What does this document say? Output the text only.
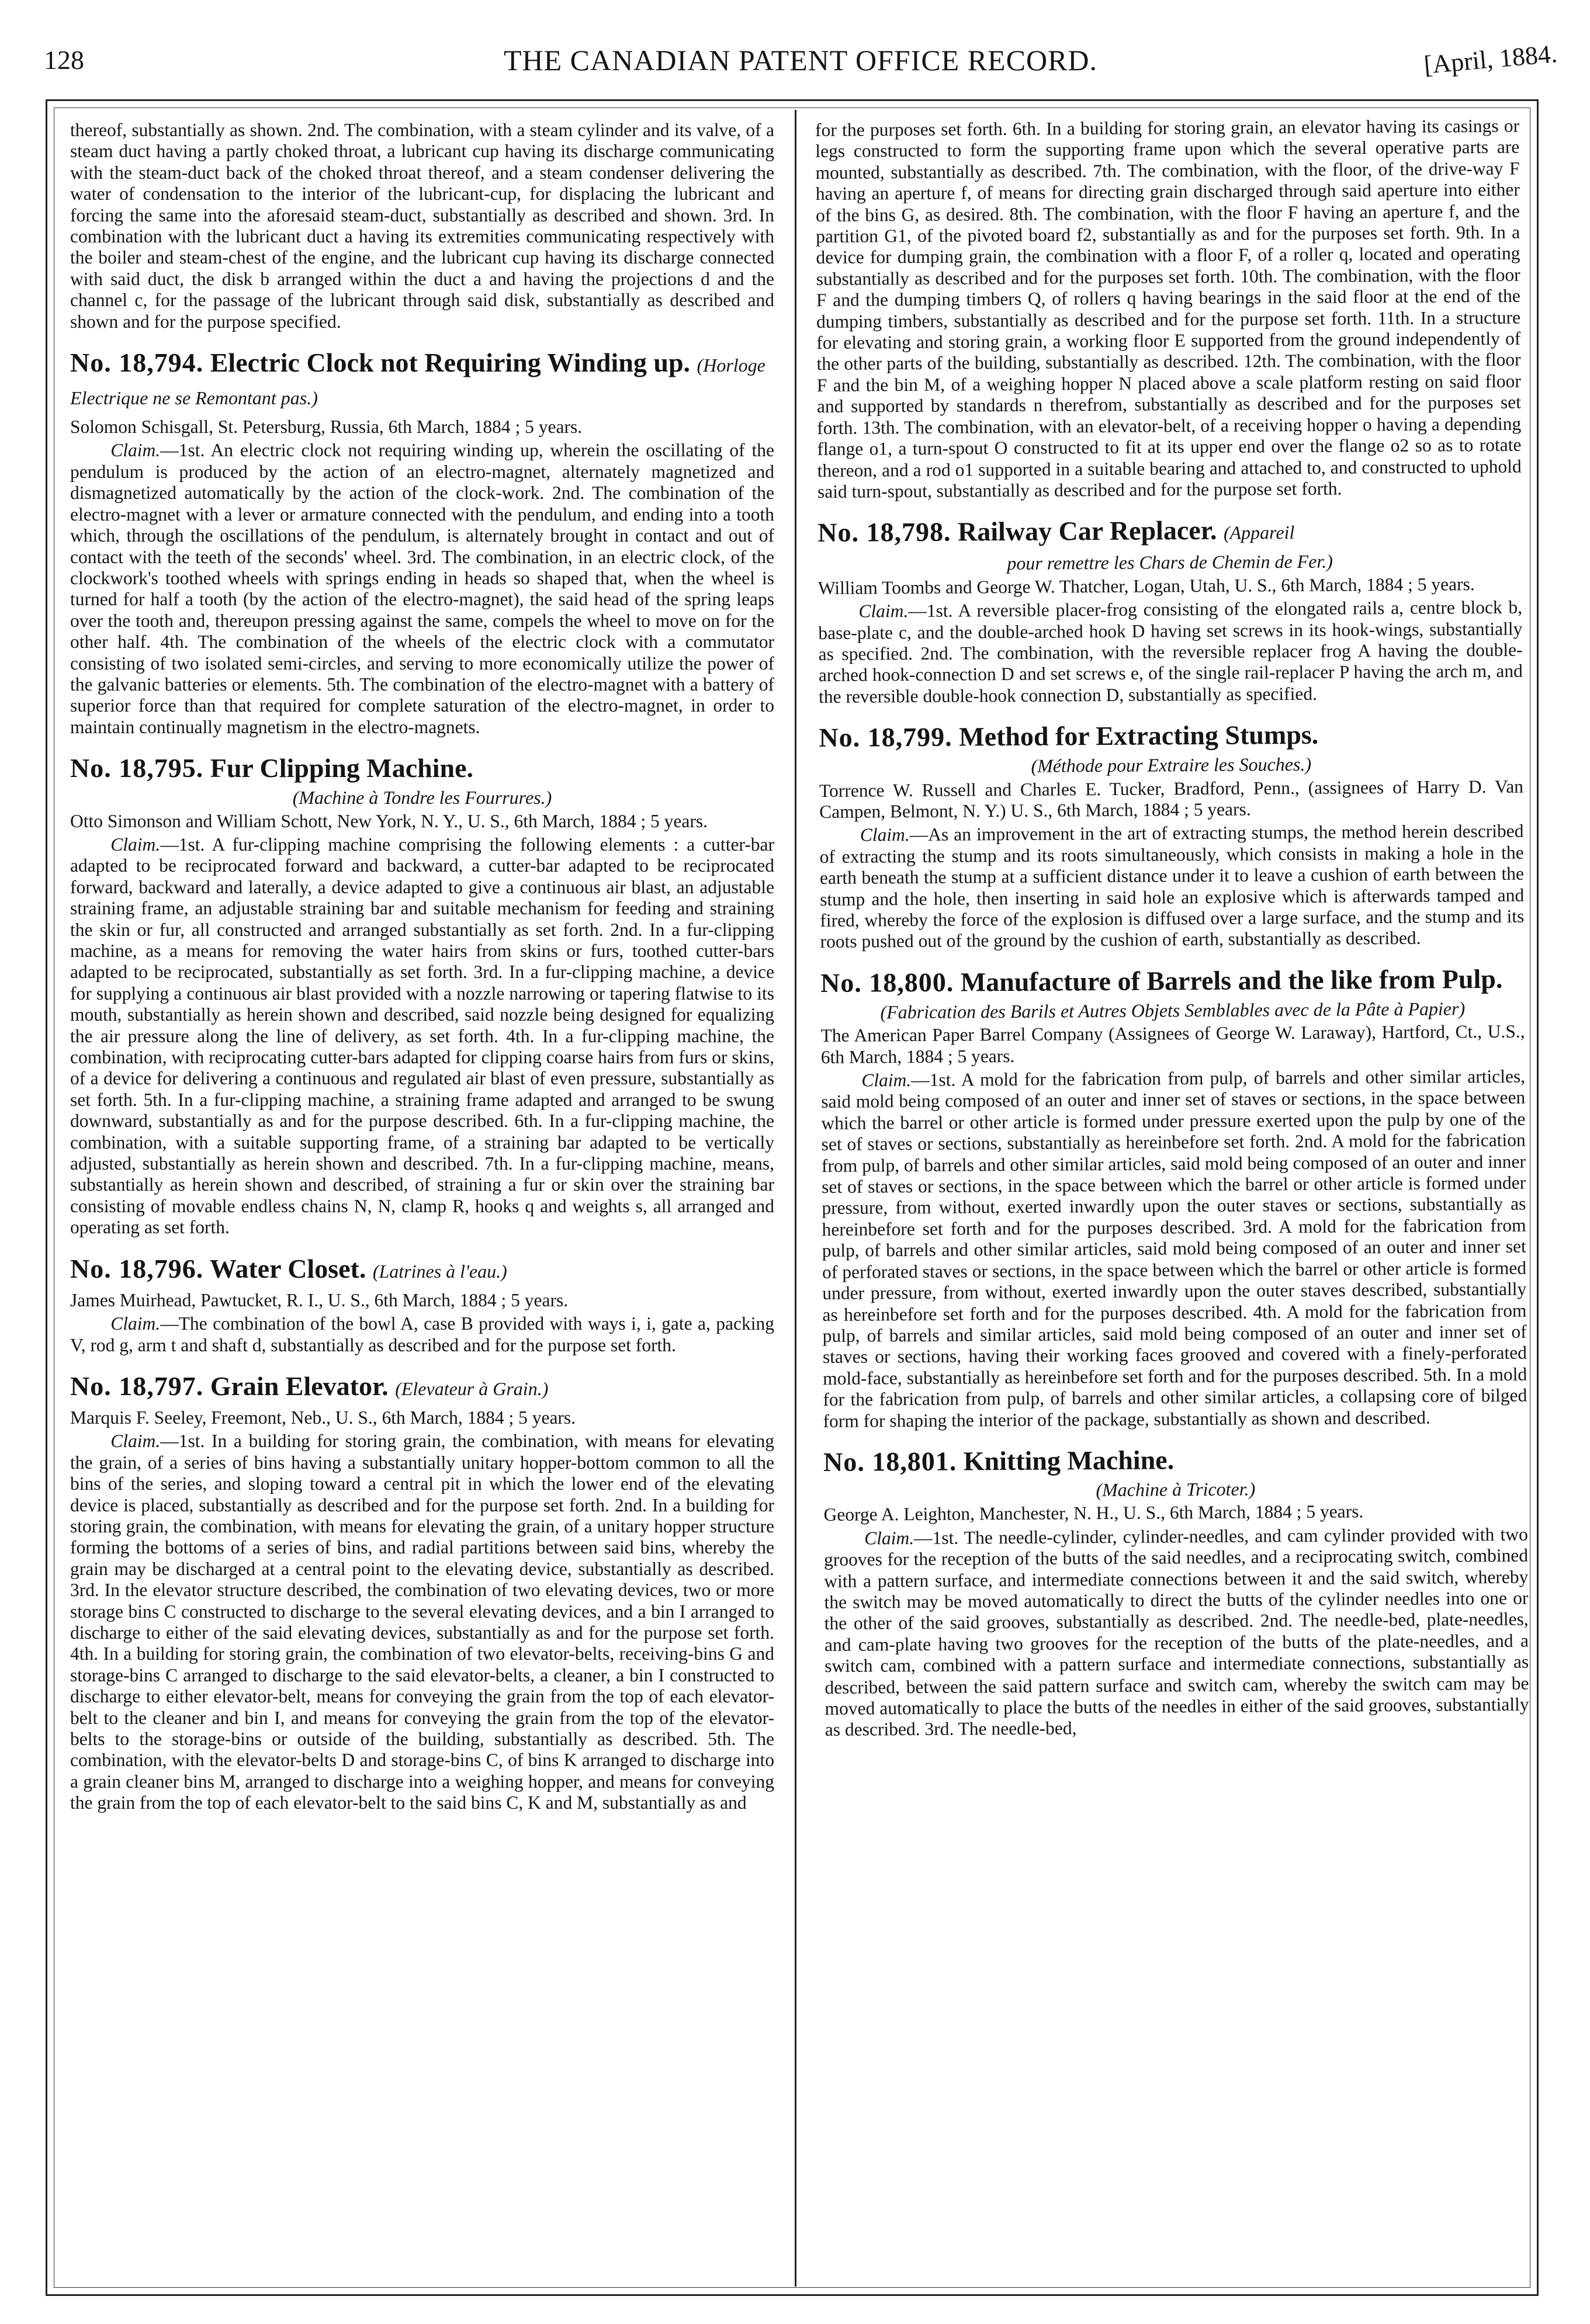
128	THE CANADIAN PATENT OFFICE RECORD.	[April, 1884.

thereof, substantially as shown. 2nd. The combination, with a steam cylinder and its valve, of a steam duct having a partly choked throat, a lubricant cup having its discharge communicating with the steam-duct back of the choked throat thereof, and a steam condenser delivering the water of condensation to the interior of the lubricant-cup, for displacing the lubricant and forcing the same into the aforesaid steam-duct, substantially as described and shown. 3rd. In combination with the lubricant duct a having its extremities communicating respectively with the boiler and steam-chest of the engine, and the lubricant cup having its discharge connected with said duct, the disk b arranged within the duct a and having the projections d and the channel c, for the passage of the lubricant through said disk, substantially as described and shown and for the purpose specified.

No. 18,794. Electric Clock not Requiring Winding up. (Horloge Electrique ne se Remontant pas.)

Solomon Schisgall, St. Petersburg, Russia, 6th March, 1884 ; 5 years.

Claim.—1st. An electric clock not requiring winding up, wherein the oscillating of the pendulum is produced by the action of an electro-magnet, alternately magnetized and dismagnetized automatically by the action of the clock-work. 2nd. The combination of the electro-magnet with a lever or armature connected with the pendulum, and ending into a tooth which, through the oscillations of the pendulum, is alternately brought in contact and out of contact with the teeth of the seconds' wheel. 3rd. The combination, in an electric clock, of the clockwork's toothed wheels with springs ending in heads so shaped that, when the wheel is turned for half a tooth (by the action of the electro-magnet), the said head of the spring leaps over the tooth and, thereupon pressing against the same, compels the wheel to move on for the other half. 4th. The combination of the wheels of the electric clock with a commutator consisting of two isolated semi-circles, and serving to more economically utilize the power of the galvanic batteries or elements. 5th. The combination of the electro-magnet with a battery of superior force than that required for complete saturation of the electro-magnet, in order to maintain continually magnetism in the electro-magnets.

No. 18,795. Fur Clipping Machine.

(Machine à Tondre les Fourrures.)

Otto Simonson and William Schott, New York, N. Y., U. S., 6th March, 1884 ; 5 years.

Claim.—1st. A fur-clipping machine comprising the following elements : a cutter-bar adapted to be reciprocated forward and backward, a cutter-bar adapted to be reciprocated forward, backward and laterally, a device adapted to give a continuous air blast, an adjustable straining frame, an adjustable straining bar and suitable mechanism for feeding and straining the skin or fur, all constructed and arranged substantially as set forth. 2nd. In a fur-clipping machine, as a means for removing the water hairs from skins or furs, toothed cutter-bars adapted to be reciprocated, substantially as set forth. 3rd. In a fur-clipping machine, a device for supplying a continuous air blast provided with a nozzle narrowing or tapering flatwise to its mouth, substantially as herein shown and described, said nozzle being designed for equalizing the air pressure along the line of delivery, as set forth. 4th. In a fur-clipping machine, the combination, with reciprocating cutter-bars adapted for clipping coarse hairs from furs or skins, of a device for delivering a continuous and regulated air blast of even pressure, substantially as set forth. 5th. In a fur-clipping machine, a straining frame adapted and arranged to be swung downward, substantially as and for the purpose described. 6th. In a fur-clipping machine, the combination, with a suitable supporting frame, of a straining bar adapted to be vertically adjusted, substantially as herein shown and described. 7th. In a fur-clipping machine, means, substantially as herein shown and described, of straining a fur or skin over the straining bar consisting of movable endless chains N, N, clamp R, hooks q and weights s, all arranged and operating as set forth.

No. 18,796. Water Closet. (Latrines à l'eau.)

James Muirhead, Pawtucket, R. I., U. S., 6th March, 1884 ; 5 years.

Claim.—The combination of the bowl A, case B provided with ways i, i, gate a, packing V, rod g, arm t and shaft d, substantially as described and for the purpose set forth.

No. 18,797. Grain Elevator. (Elevateur à Grain.)

Marquis F. Seeley, Freemont, Neb., U. S., 6th March, 1884 ; 5 years.

Claim.—1st. In a building for storing grain, the combination, with means for elevating the grain, of a series of bins having a substantially unitary hopper-bottom common to all the bins of the series, and sloping toward a central pit in which the lower end of the elevating device is placed, substantially as described and for the purpose set forth. 2nd. In a building for storing grain, the combination, with means for elevating the grain, of a unitary hopper structure forming the bottoms of a series of bins, and radial partitions between said bins, whereby the grain may be discharged at a central point to the elevating device, substantially as described. 3rd. In the elevator structure described, the combination of two elevating devices, two or more storage bins C constructed to discharge to the several elevating devices, and a bin I arranged to discharge to either of the said elevating devices, substantially as and for the purpose set forth. 4th. In a building for storing grain, the combination of two elevator-belts, receiving-bins G and storage-bins C arranged to discharge to the said elevator-belts, a cleaner, a bin I constructed to discharge to either elevator-belt, means for conveying the grain from the top of each elevator-belt to the cleaner and bin I, and means for conveying the grain from the top of the elevator-belts to the storage-bins or outside of the building, substantially as described. 5th. The combination, with the elevator-belts D and storage-bins C, of bins K arranged to discharge into a grain cleaner bins M, arranged to discharge into a weighing hopper, and means for conveying the grain from the top of each elevator-belt to the said bins C, K and M, substantially as and

for the purposes set forth. 6th. In a building for storing grain, an elevator having its casings or legs constructed to form the supporting frame upon which the several operative parts are mounted, substantially as described. 7th. The combination, with the floor, of the drive-way F having an aperture f, of means for directing grain discharged through said aperture into either of the bins G, as desired. 8th. The combination, with the floor F having an aperture f, and the partition G1, of the pivoted board f2, substantially as and for the purposes set forth. 9th. In a device for dumping grain, the combination with a floor F, of a roller q, located and operating substantially as described and for the purposes set forth. 10th. The combination, with the floor F and the dumping timbers Q, of rollers q having bearings in the said floor at the end of the dumping timbers, substantially as described and for the purpose set forth. 11th. In a structure for elevating and storing grain, a working floor E supported from the ground independently of the other parts of the building, substantially as described. 12th. The combination, with the floor F and the bin M, of a weighing hopper N placed above a scale platform resting on said floor and supported by standards n therefrom, substantially as described and for the purposes set forth. 13th. The combination, with an elevator-belt, of a receiving hopper o having a depending flange o1, a turn-spout O constructed to fit at its upper end over the flange o2 so as to rotate thereon, and a rod o1 supported in a suitable bearing and attached to, and constructed to uphold said turn-spout, substantially as described and for the purpose set forth.

No. 18,798. Railway Car Replacer. (Appareil

pour remettre les Chars de Chemin de Fer.)

William Toombs and George W. Thatcher, Logan, Utah, U. S., 6th March, 1884 ; 5 years.

Claim.—1st. A reversible placer-frog consisting of the elongated rails a, centre block b, base-plate c, and the double-arched hook D having set screws in its hook-wings, substantially as specified. 2nd. The combination, with the reversible replacer frog A having the double-arched hook-connection D and set screws e, of the single rail-replacer P having the arch m, and the reversible double-hook connection D, substantially as specified.

No. 18,799. Method for Extracting Stumps.

(Méthode pour Extraire les Souches.)

Torrence W. Russell and Charles E. Tucker, Bradford, Penn., (assignees of Harry D. Van Campen, Belmont, N. Y.) U. S., 6th March, 1884 ; 5 years.

Claim.—As an improvement in the art of extracting stumps, the method herein described of extracting the stump and its roots simultaneously, which consists in making a hole in the earth beneath the stump at a sufficient distance under it to leave a cushion of earth between the stump and the hole, then inserting in said hole an explosive which is afterwards tamped and fired, whereby the force of the explosion is diffused over a large surface, and the stump and its roots pushed out of the ground by the cushion of earth, substantially as described.

No. 18,800. Manufacture of Barrels and the like from Pulp.

(Fabrication des Barils et Autres Objets Semblables avec de la Pâte à Papier)

The American Paper Barrel Company (Assignees of George W. Laraway), Hartford, Ct., U.S., 6th March, 1884 ; 5 years.

Claim.—1st. A mold for the fabrication from pulp, of barrels and other similar articles, said mold being composed of an outer and inner set of staves or sections, in the space between which the barrel or other article is formed under pressure exerted upon the pulp by one of the set of staves or sections, substantially as hereinbefore set forth. 2nd. A mold for the fabrication from pulp, of barrels and other similar articles, said mold being composed of an outer and inner set of staves or sections, in the space between which the barrel or other article is formed under pressure, from without, exerted inwardly upon the outer staves or sections, substantially as hereinbefore set forth and for the purposes described. 3rd. A mold for the fabrication from pulp, of barrels and other similar articles, said mold being composed of an outer and inner set of perforated staves or sections, in the space between which the barrel or other article is formed under pressure, from without, exerted inwardly upon the outer staves described, substantially as hereinbefore set forth and for the purposes described. 4th. A mold for the fabrication from pulp, of barrels and similar articles, said mold being composed of an outer and inner set of staves or sections, having their working faces grooved and covered with a finely-perforated mold-face, substantially as hereinbefore set forth and for the purposes described. 5th. In a mold for the fabrication from pulp, of barrels and other similar articles, a collapsing core of bilged form for shaping the interior of the package, substantially as shown and described.

No. 18,801. Knitting Machine.

(Machine à Tricoter.)

George A. Leighton, Manchester, N. H., U. S., 6th March, 1884 ; 5 years.

Claim.—1st. The needle-cylinder, cylinder-needles, and cam cylinder provided with two grooves for the reception of the butts of the said needles, and a reciprocating switch, combined with a pattern surface, and intermediate connections between it and the said switch, whereby the switch may be moved automatically to direct the butts of the cylinder needles into one or the other of the said grooves, substantially as described. 2nd. The needle-bed, plate-needles, and cam-plate having two grooves for the reception of the butts of the plate-needles, and a switch cam, combined with a pattern surface and intermediate connections, substantially as described, between the said pattern surface and switch cam, whereby the switch cam may be moved automatically to place the butts of the needles in either of the said grooves, substantially as described. 3rd. The needle-bed,
